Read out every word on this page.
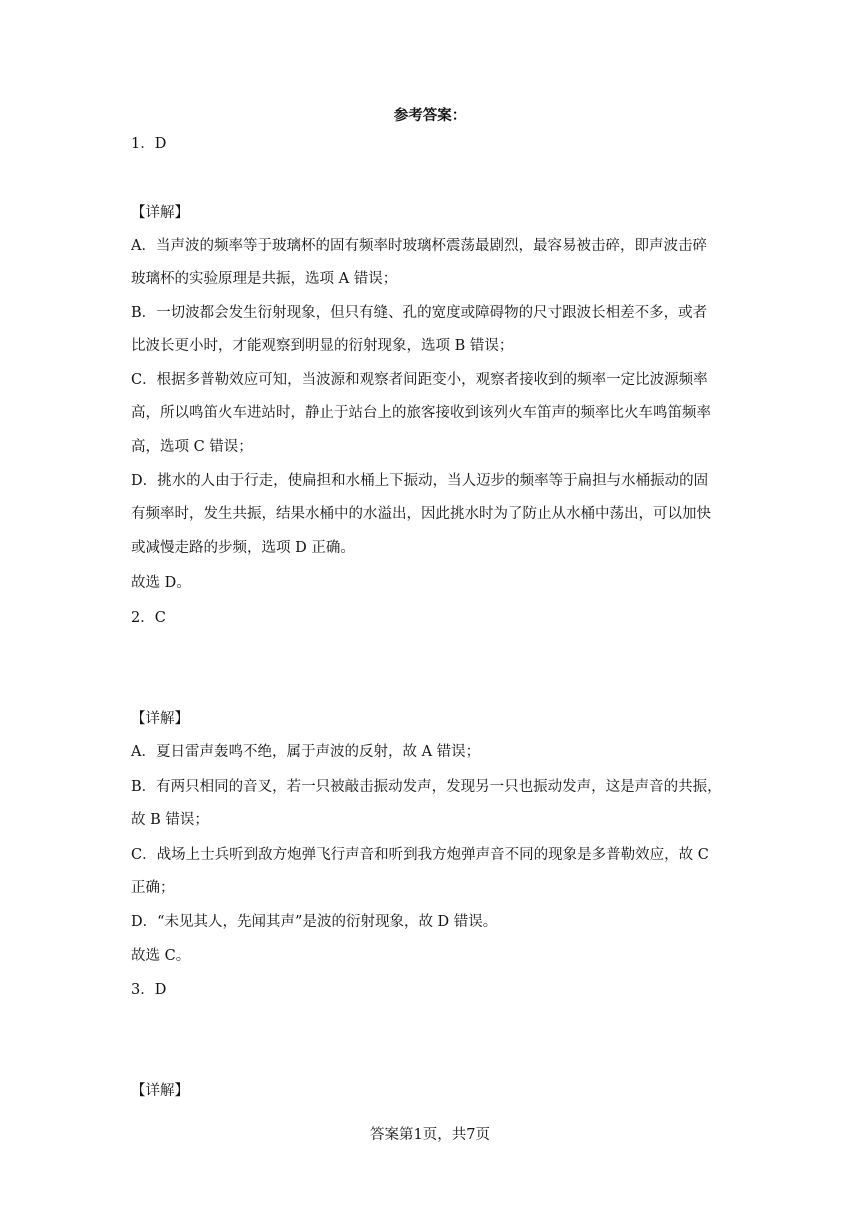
参考答案：
1．D
【详解】
A．当声波的频率等于玻璃杯的固有频率时玻璃杯震荡最剧烈，最容易被击碎，即声波击碎
玻璃杯的实验原理是共振，选项 A 错误；
B．一切波都会发生衍射现象，但只有缝、孔的宽度或障碍物的尺寸跟波长相差不多，或者
比波长更小时，才能观察到明显的衍射现象，选项 B 错误；
C．根据多普勒效应可知，当波源和观察者间距变小，观察者接收到的频率一定比波源频率
高，所以鸣笛火车进站时，静止于站台上的旅客接收到该列火车笛声的频率比火车鸣笛频率
高，选项 C 错误；
D．挑水的人由于行走，使扁担和水桶上下振动，当人迈步的频率等于扁担与水桶振动的固
有频率时，发生共振，结果水桶中的水溢出，因此挑水时为了防止从水桶中荡出，可以加快
或减慢走路的步频，选项 D 正确。
故选 D。
2．C
【详解】
A．夏日雷声轰鸣不绝，属于声波的反射，故 A 错误；
B．有两只相同的音叉，若一只被敲击振动发声，发现另一只也振动发声，这是声音的共振，
故 B 错误；
C．战场上士兵听到敌方炮弹飞行声音和听到我方炮弹声音不同的现象是多普勒效应，故 C
正确；
D．“未见其人，先闻其声”是波的衍射现象，故 D 错误。
故选 C。
3．D
【详解】
答案第1页，共7页
